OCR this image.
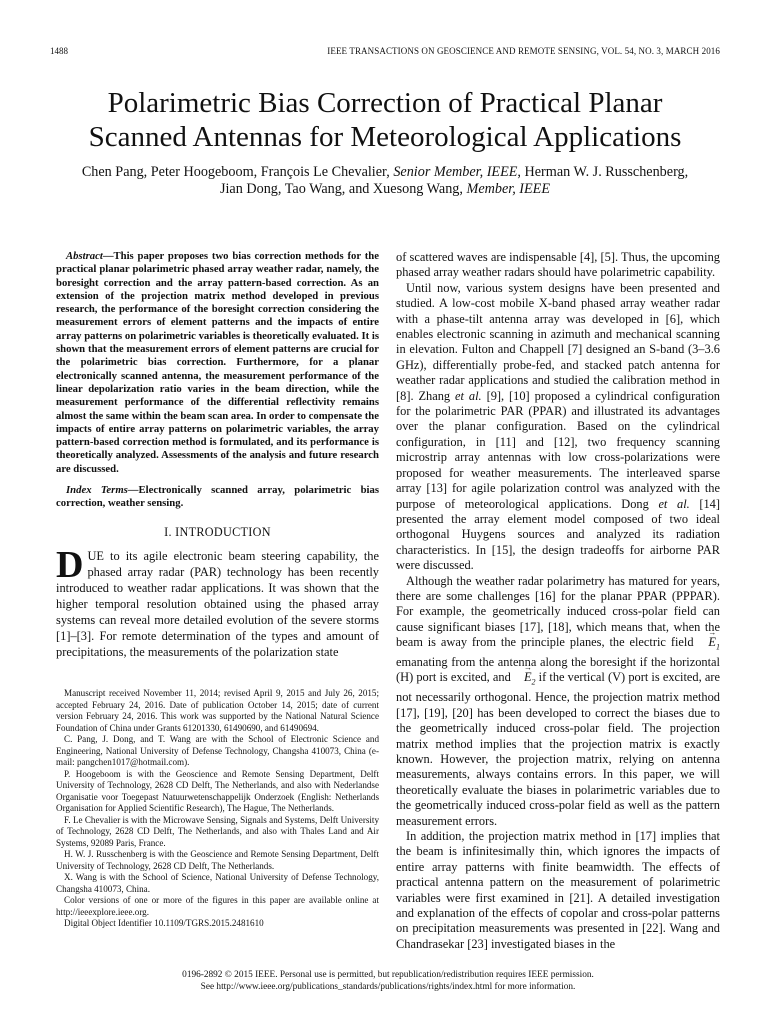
1488	IEEE TRANSACTIONS ON GEOSCIENCE AND REMOTE SENSING, VOL. 54, NO. 3, MARCH 2016
Polarimetric Bias Correction of Practical Planar
Scanned Antennas for Meteorological Applications
Chen Pang, Peter Hoogeboom, François Le Chevalier, Senior Member, IEEE, Herman W. J. Russchenberg,
Jian Dong, Tao Wang, and Xuesong Wang, Member, IEEE

Abstract—This paper proposes two bias correction methods for the practical planar polarimetric phased array weather radar, namely, the boresight correction and the array pattern-based correction. As an extension of the projection matrix method developed in previous research, the performance of the boresight correction considering the measurement errors of element patterns and the impacts of entire array patterns on polarimetric variables is theoretically evaluated. It is shown that the measurement errors of element patterns are crucial for the polarimetric bias correction. Furthermore, for a planar electronically scanned antenna, the measurement performance of the linear depolarization ratio varies in the beam direction, while the measurement performance of the differential reflectivity remains almost the same within the beam scan area. In order to compensate the impacts of entire array patterns on polarimetric variables, the array pattern-based correction method is formulated, and its performance is theoretically analyzed. Assessments of the analysis and future research are discussed.

Index Terms—Electronically scanned array, polarimetric bias correction, weather sensing.

I. INTRODUCTION

DUE to its agile electronic beam steering capability, the phased array radar (PAR) technology has been recently introduced to weather radar applications. It was shown that the higher temporal resolution obtained using the phased array systems can reveal more detailed evolution of the severe storms [1]–[3]. For remote determination of the types and amount of precipitations, the measurements of the polarization state

Manuscript received November 11, 2014; revised April 9, 2015 and July 26, 2015; accepted February 24, 2016. Date of publication October 14, 2015; date of current version February 24, 2016. This work was supported by the National Natural Science Foundation of China under Grants 61201330, 61490690, and 61490694.

C. Pang, J. Dong, and T. Wang are with the School of Electronic Science and Engineering, National University of Defense Technology, Changsha 410073, China (e-mail: pangchen1017@hotmail.com).

P. Hoogeboom is with the Geoscience and Remote Sensing Department, Delft University of Technology, 2628 CD Delft, The Netherlands, and also with Nederlandse Organisatie voor Toegepast Natuurwetenschappelijk Onderzoek (English: Netherlands Organisation for Applied Scientific Research), The Hague, The Netherlands.

F. Le Chevalier is with the Microwave Sensing, Signals and Systems, Delft University of Technology, 2628 CD Delft, The Netherlands, and also with Thales Land and Air Systems, 92089 Paris, France.

H. W. J. Russchenberg is with the Geoscience and Remote Sensing Department, Delft University of Technology, 2628 CD Delft, The Netherlands.

X. Wang is with the School of Science, National University of Defense Technology, Changsha 410073, China.

Color versions of one or more of the figures in this paper are available online at http://ieeexplore.ieee.org.

Digital Object Identifier 10.1109/TGRS.2015.2481610

of scattered waves are indispensable [4], [5]. Thus, the upcoming phased array weather radars should have polarimetric capability.

Until now, various system designs have been presented and studied. A low-cost mobile X-band phased array weather radar with a phase-tilt antenna array was developed in [6], which enables electronic scanning in azimuth and mechanical scanning in elevation. Fulton and Chappell [7] designed an S-band (3–3.6 GHz), differentially probe-fed, and stacked patch antenna for weather radar applications and studied the calibration method in [8]. Zhang et al. [9], [10] proposed a cylindrical configuration for the polarimetric PAR (PPAR) and illustrated its advantages over the planar configuration. Based on the cylindrical configuration, in [11] and [12], two frequency scanning microstrip array antennas with low cross-polarizations were proposed for weather measurements. The interleaved sparse array [13] for agile polarization control was analyzed with the purpose of meteorological applications. Dong et al. [14] presented the array element model composed of two ideal orthogonal Huygens sources and analyzed its radiation characteristics. In [15], the design tradeoffs for airborne PAR were discussed.

Although the weather radar polarimetry has matured for years, there are some challenges [16] for the planar PPAR (PPPAR). For example, the geometrically induced cross-polar field can cause significant biases [17], [18], which means that, when the beam is away from the principle planes, the electric field → $E_1$ emanating from the antenna along the boresight if the horizontal (H) port is excited, and → $E_2$ if the vertical (V) port is excited, are not necessarily orthogonal. Hence, the projection matrix method [17], [19], [20] has been developed to correct the biases due to the geometrically induced cross-polar field. The projection matrix method implies that the projection matrix is exactly known. However, the projection matrix, relying on antenna measurements, always contains errors. In this paper, we will theoretically evaluate the biases in polarimetric variables due to the geometrically induced cross-polar field as well as the pattern measurement errors.

In addition, the projection matrix method in [17] implies that the beam is infinitesimally thin, which ignores the impacts of entire array patterns with finite beamwidth. The effects of practical antenna pattern on the measurement of polarimetric variables were first examined in [21]. A detailed investigation and explanation of the effects of copolar and cross-polar patterns on precipitation measurements was presented in [22]. Wang and Chandrasekar [23] investigated biases in the

0196-2892 © 2015 IEEE. Personal use is permitted, but republication/redistribution requires IEEE permission.

See http://www.ieee.org/publications_standards/publications/rights/index.html for more information.
